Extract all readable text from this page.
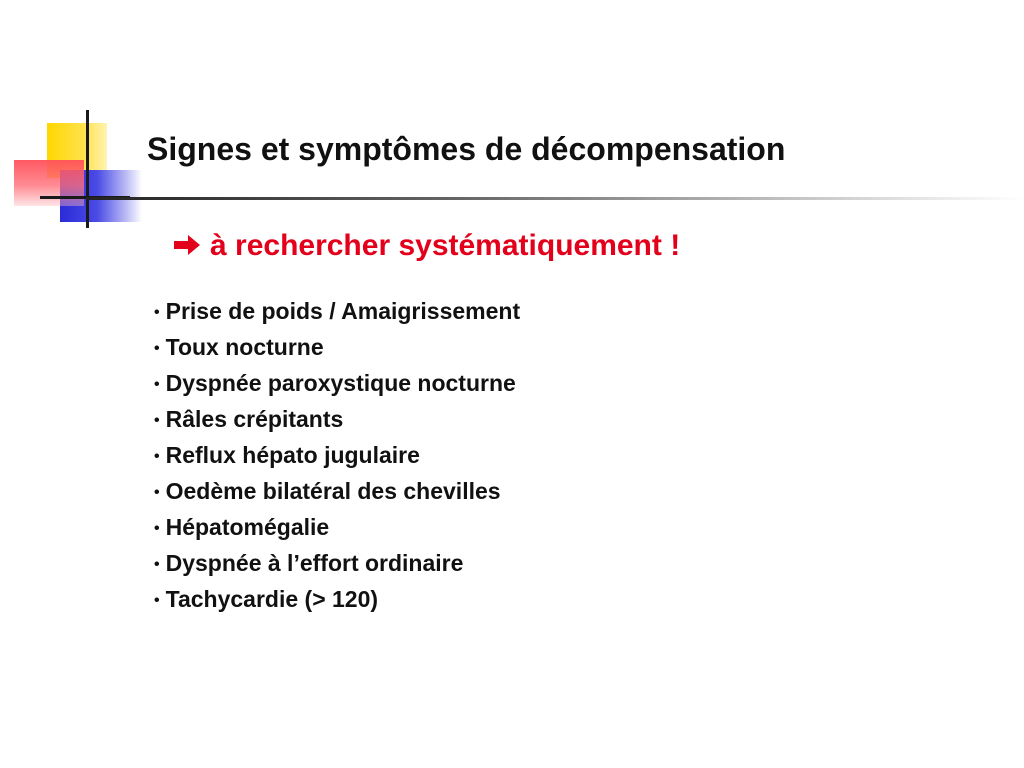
Signes et symptômes de décompensation
à rechercher systématiquement !
• Prise de poids / Amaigrissement
• Toux nocturne
• Dyspnée paroxystique nocturne
• Râles crépitants
• Reflux hépato jugulaire
• Oedème bilatéral des chevilles
• Hépatomégalie
• Dyspnée à l’effort ordinaire
• Tachycardie (> 120)
